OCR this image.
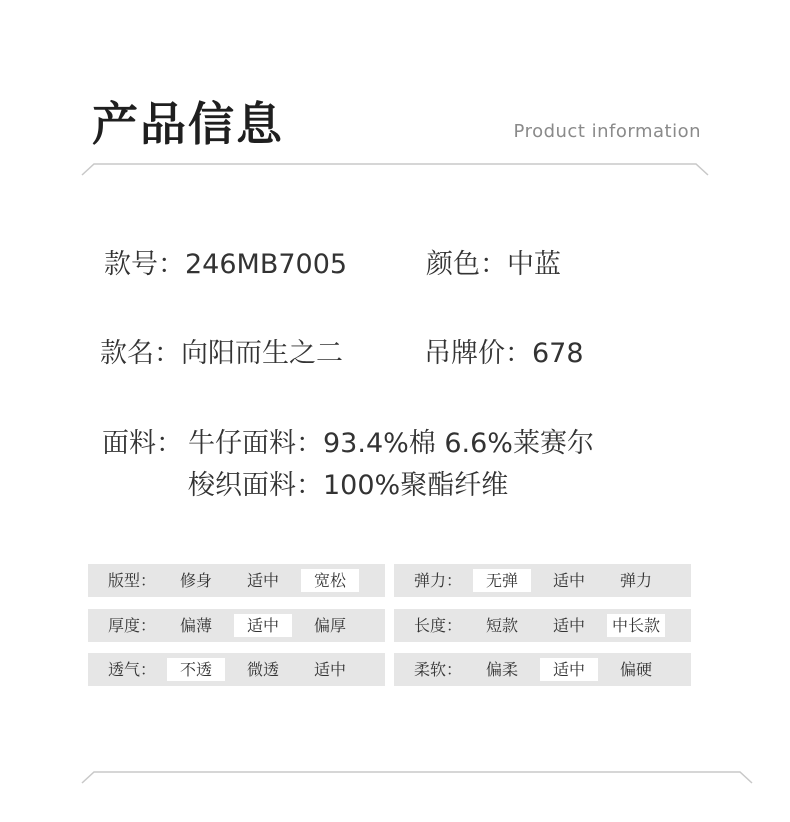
产品信息	Product information
款号：246MB7005	颜色：中蓝
款名：向阳而生之二	吊牌价：678
面料： 牛仔面料：93.4%棉 6.6%莱赛尔
梭织面料：100%聚酯纤维
版型：	修身	适中	宽松	弹力：	无弹	适中	弹力
厚度：	偏薄	适中	偏厚	长度：	短款	适中	中长款
透气：	不透	微透	适中	柔软：	偏柔	适中	偏硬
